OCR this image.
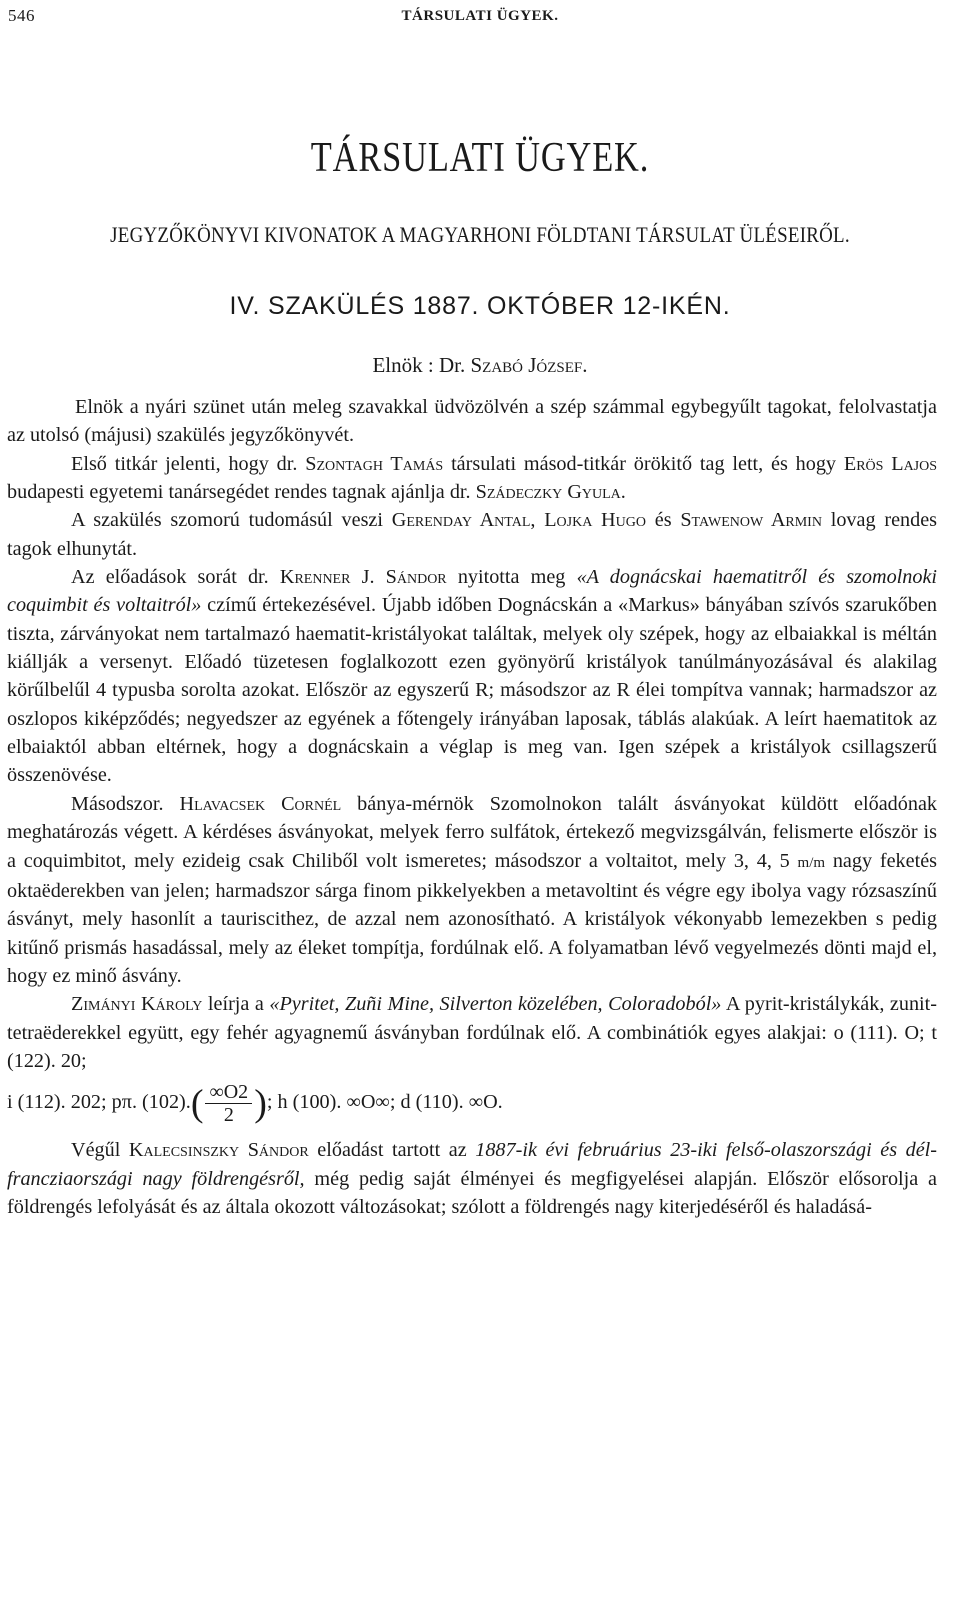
546	TÁRSULATI ÜGYEK.
TÁRSULATI ÜGYEK.
JEGYZŐKÖNYVI KIVONATOK A MAGYARHONI FÖLDTANI TÁRSULAT ÜLÉSEIRŐL.
IV. SZAKÜLÉS 1887. OKTÓBER 12-IKÉN.
Elnök : Dr. Szabó József.

Elnök a nyári szünet után meleg szavakkal üdvözölvén a szép számmal egybegyűlt tagokat, felolvastatja az utolsó (májusi) szakülés jegyzőkönyvét.

Első titkár jelenti, hogy dr. Szontagh Tamás társulati másod-titkár örökitő tag lett, és hogy Erös Lajos budapesti egyetemi tanársegédet rendes tagnak ajánlja dr. Szádeczky Gyula.

A szakülés szomorú tudomásúl veszi Gerenday Antal, Lojka Hugo és Stawenow Armin lovag rendes tagok elhunytát.

Az előadások sorát dr. Krenner J. Sándor nyitotta meg «A dognácskai haematitről és szomolnoki coquimbit és voltaitról» czímű értekezésével. Újabb időben Dognácskán a «Markus» bányában szívós szarukőben tiszta, zárványokat nem tartalmazó haematit-kristályokat találtak, melyek oly szépek, hogy az elbaiakkal is méltán kiállják a versenyt. Előadó tüzetesen foglalkozott ezen gyönyörű kristályok tanúlmányozásával és alakilag körűlbelűl 4 typusba sorolta azokat. Először az egyszerű R; másodszor az R élei tompítva vannak; harmadszor az oszlopos kiképződés; negyedszer az egyének a főtengely irányában laposak, táblás alakúak. A leírt haematitok az elbaiaktól abban eltérnek, hogy a dognácskain a véglap is meg van. Igen szépek a kristályok csillagszerű összenövése.

Másodszor. Hlavacsek Cornél bánya-mérnök Szomolnokon talált ásványokat küldött előadónak meghatározás végett. A kérdéses ásványokat, melyek ferro sulfátok, értekező megvizsgálván, felismerte először is a coquimbitot, mely ezideig csak Chiliből volt ismeretes; másodszor a voltaitot, mely 3, 4, 5 m/m nagy feketés oktaëderekben van jelen; harmadszor sárga finom pikkelyekben a metavoltint és végre egy ibolya vagy rózsaszínű ásványt, mely hasonlít a tauriscithez, de azzal nem azonosítható. A kristályok vékonyabb lemezekben s pedig kitűnő prismás hasadással, mely az éleket tompítja, fordúlnak elő. A folyamatban lévő vegyelmezés dönti majd el, hogy ez minő ásvány.

Zimányi Károly leírja a «Pyritet, Zuñi Mine, Silverton közelében, Coloradoból» A pyrit-kristálykák, zunit-tetraëderekkel együtt, egy fehér agyagnemű ásványban fordúlnak elő. A combinátiók egyes alakjai: o (111). O; t (122). 20;
i (112). 202; pπ. $(102).( \frac{\infty O2}{2}$ ); h (100). ∞O∞; d (110). ∞O.

Végűl Kalecsinszky Sándor előadást tartott az 1887-ik évi februárius 23-iki felső-olaszországi és dél-francziaországi nagy földrengésről, még pedig saját élményei és megfigyelései alapján. Először elősorolja a földrengés lefolyását és az általa okozott változásokat; szólott a földrengés nagy kiterjedéséről és haladásá-
